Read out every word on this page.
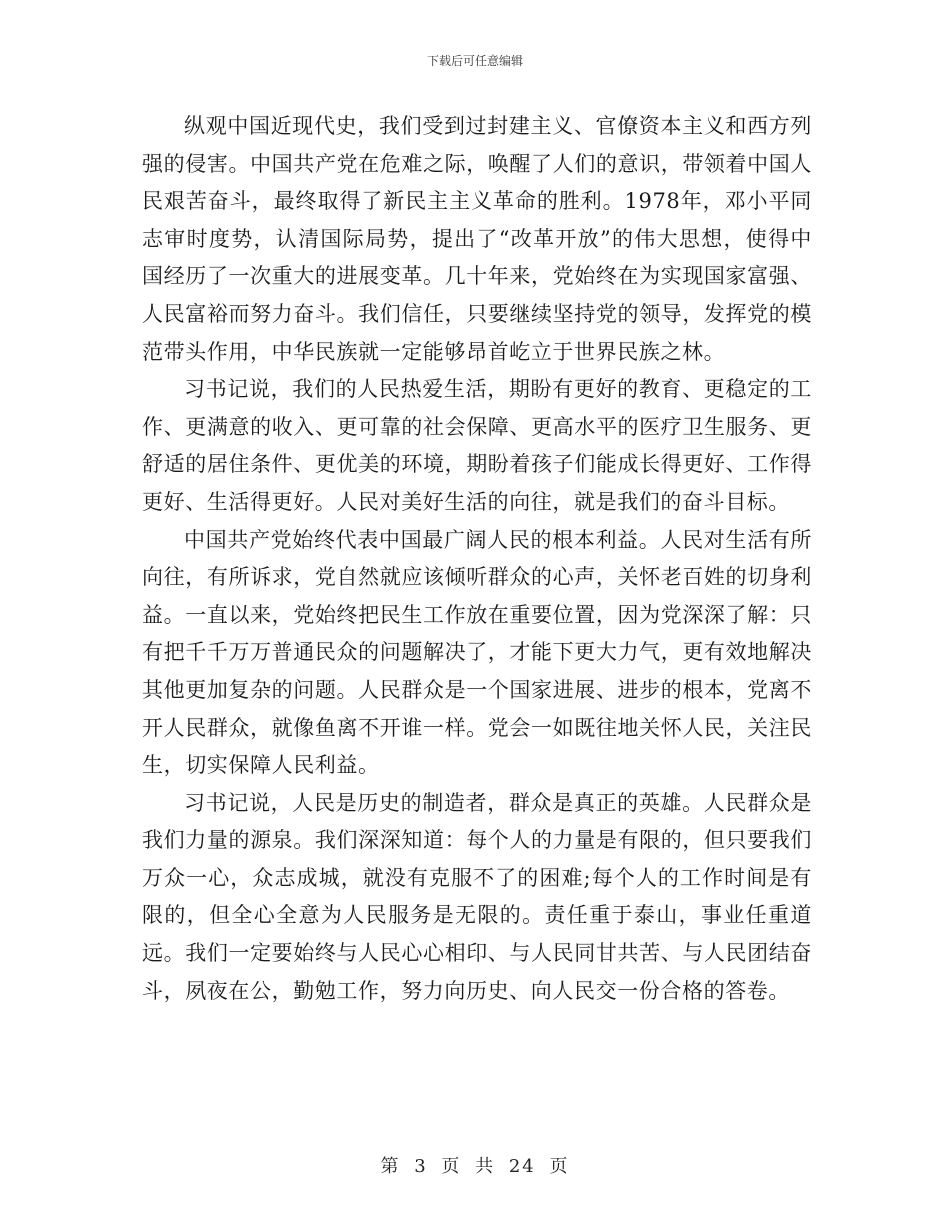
下载后可任意编辑

纵观中国近现代史，我们受到过封建主义、官僚资本主义和西方列强的侵害。中国共产党在危难之际，唤醒了人们的意识，带领着中国人民艰苦奋斗，最终取得了新民主主义革命的胜利。1978年，邓小平同志审时度势，认清国际局势，提出了“改革开放”的伟大思想，使得中国经历了一次重大的进展变革。几十年来，党始终在为实现国家富强、人民富裕而努力奋斗。我们信任，只要继续坚持党的领导，发挥党的模范带头作用，中华民族就一定能够昂首屹立于世界民族之林。

习书记说，我们的人民热爱生活，期盼有更好的教育、更稳定的工作、更满意的收入、更可靠的社会保障、更高水平的医疗卫生服务、更舒适的居住条件、更优美的环境，期盼着孩子们能成长得更好、工作得更好、生活得更好。人民对美好生活的向往，就是我们的奋斗目标。

中国共产党始终代表中国最广阔人民的根本利益。人民对生活有所向往，有所诉求，党自然就应该倾听群众的心声，关怀老百姓的切身利益。一直以来，党始终把民生工作放在重要位置，因为党深深了解：只有把千千万万普通民众的问题解决了，才能下更大力气，更有效地解决其他更加复杂的问题。人民群众是一个国家进展、进步的根本，党离不开人民群众，就像鱼离不开谁一样。党会一如既往地关怀人民，关注民生，切实保障人民利益。

习书记说，人民是历史的制造者，群众是真正的英雄。人民群众是我们力量的源泉。我们深深知道：每个人的力量是有限的，但只要我们万众一心，众志成城，就没有克服不了的困难;每个人的工作时间是有限的，但全心全意为人民服务是无限的。责任重于泰山，事业任重道远。我们一定要始终与人民心心相印、与人民同甘共苦、与人民团结奋斗，夙夜在公，勤勉工作，努力向历史、向人民交一份合格的答卷。

第 3 页 共 24 页
